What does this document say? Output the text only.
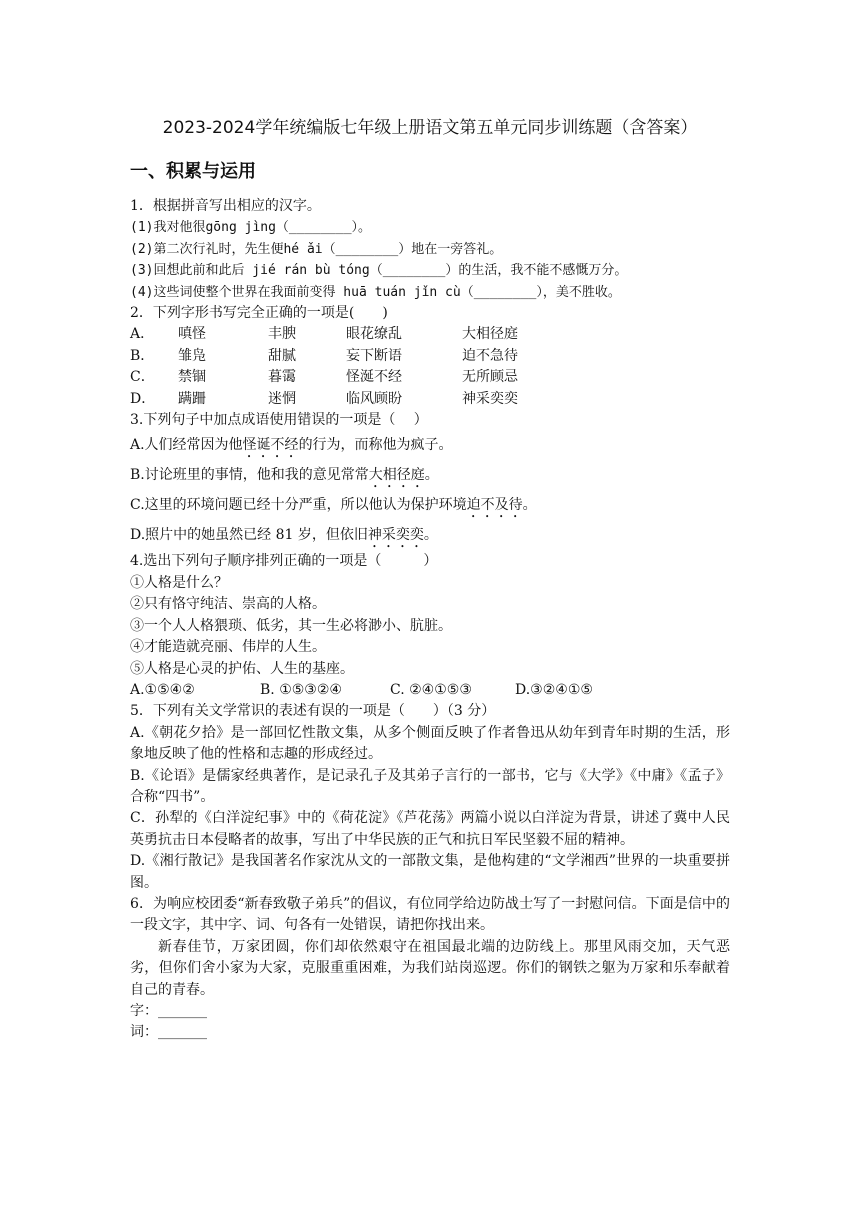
2023-2024学年统编版七年级上册语文第五单元同步训练题（含答案）
一、积累与运用
1．根据拼音写出相应的汉字。
(1)我对他很gōng jìng（________）。
(2)第二次行礼时，先生便hé ǎi（________）地在一旁答礼。
(3)回想此前和此后 jié rán bù tóng（________）的生活，我不能不感慨万分。
(4)这些词使整个世界在我面前变得 huā tuán jǐn cù（________），美不胜收。
2．下列字形书写完全正确的一项是(　　)
A．	嗔怪	丰腴	眼花缭乱	大相径庭
B．	雏凫	甜腻	妄下断语	迫不急待
C．	禁锢	暮霭	怪涎不经	无所顾忌
D．	蹒跚	迷惘	临风顾盼	神采奕奕
3.下列句子中加点成语使用错误的一项是（　 ）
A.人们经常因为他怪诞不经的行为，而称他为疯子。
B.讨论班里的事情，他和我的意见常常大相径庭。
C.这里的环境问题已经十分严重，所以他认为保护环境迫不及待。
D.照片中的她虽然已经 81 岁，但依旧神采奕奕。
4.选出下列句子顺序排列正确的一项是（　　　）
①人格是什么？
②只有恪守纯洁、崇高的人格。
③一个人人格猥琐、低劣，其一生必将渺小、肮脏。
④才能造就亮丽、伟岸的人生。
⑤人格是心灵的护佑、人生的基座。
A.①⑤④②	B. ①⑤③②④	C. ②④①⑤③	D.③②④①⑤
5．下列有关文学常识的表述有误的一项是（　　）（3 分）
A.《朝花夕拾》是一部回忆性散文集，从多个侧面反映了作者鲁迅从幼年到青年时期的生活，形象地反映了他的性格和志趣的形成经过。
B.《论语》是儒家经典著作，是记录孔子及其弟子言行的一部书，它与《大学》《中庸》《孟子》合称“四书”。
C．孙犁的《白洋淀纪事》中的《荷花淀》《芦花荡》两篇小说以白洋淀为背景，讲述了冀中人民英勇抗击日本侵略者的故事，写出了中华民族的正气和抗日军民坚毅不屈的精神。
D.《湘行散记》是我国著名作家沈从文的一部散文集，是他构建的“文学湘西”世界的一块重要拼图。
6．为响应校团委“新春致敬子弟兵”的倡议，有位同学给边防战士写了一封慰问信。下面是信中的一段文字，其中字、词、句各有一处错误，请把你找出来。
新春佳节，万家团圆，你们却依然艰守在祖国最北端的边防线上。那里风雨交加，天气恶劣，但你们舍小家为大家，克服重重困难，为我们站岗巡逻。你们的钢铁之躯为万家和乐奉献着自己的青春。
字：_______
词：_______
